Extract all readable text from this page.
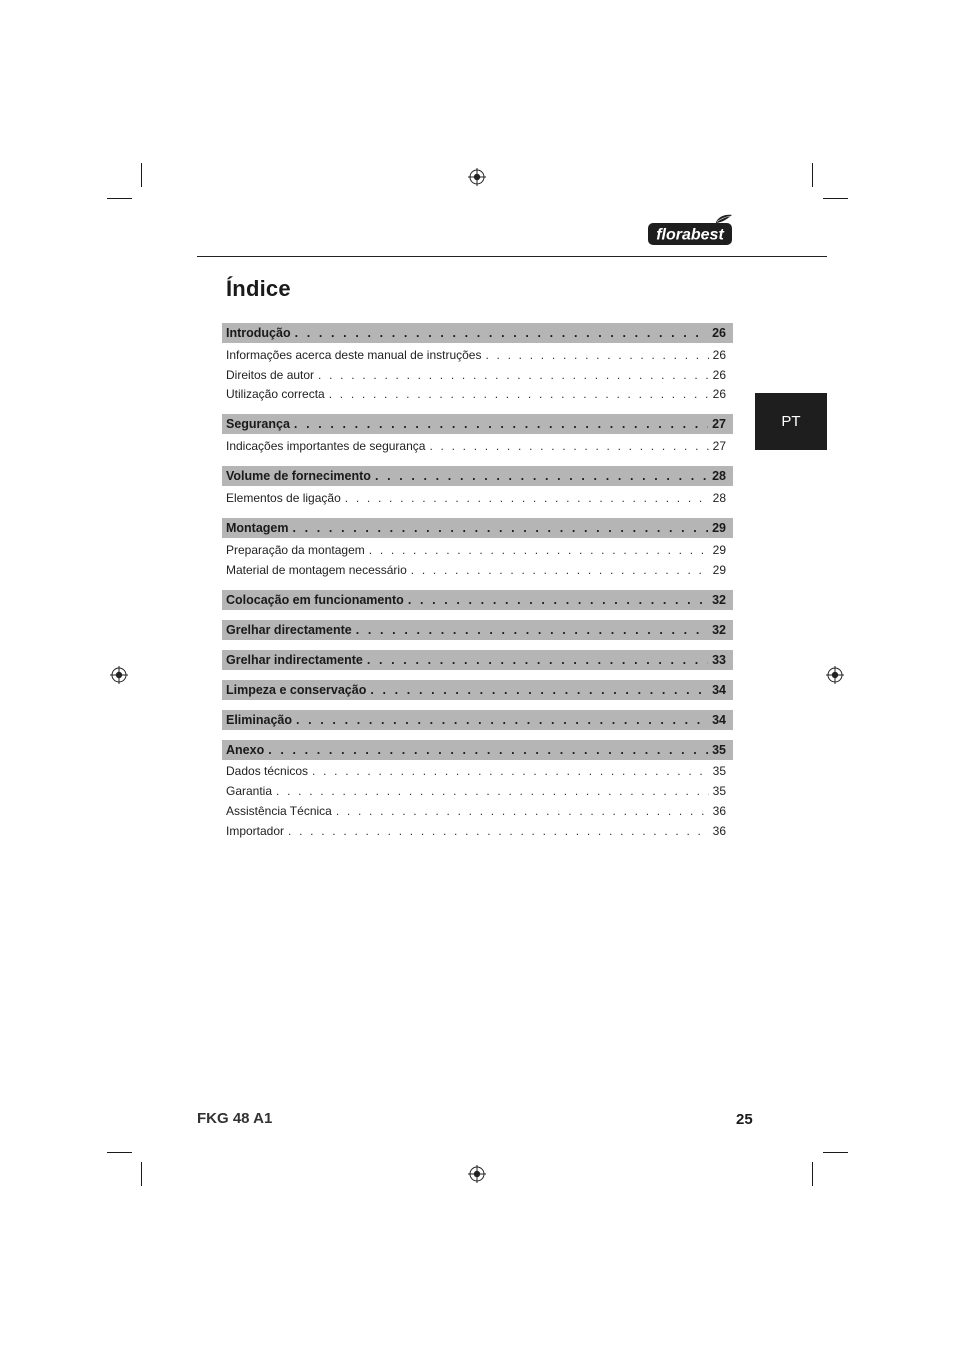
florabest
Índice
PT
Introdução . . .	26
Informações acerca deste manual de instruções . . .	26
Direitos de autor . . .	26
Utilização correcta . . .	26
Segurança . . .	27
Indicações importantes de segurança . . .	27
Volume de fornecimento . . .	28
Elementos de ligação . . .	28
Montagem . . .	29
Preparação da montagem . . .	29
Material de montagem necessário . . .	29
Colocação em funcionamento . . .	32
Grelhar directamente . . .	32
Grelhar indirectamente . . .	33
Limpeza e conservação . . .	34
Eliminação . . .	34
Anexo . . .	35
Dados técnicos . . .	35
Garantia . . .	35
Assistência Técnica . . .	36
Importador . . .	36
FKG 48 A1	25
